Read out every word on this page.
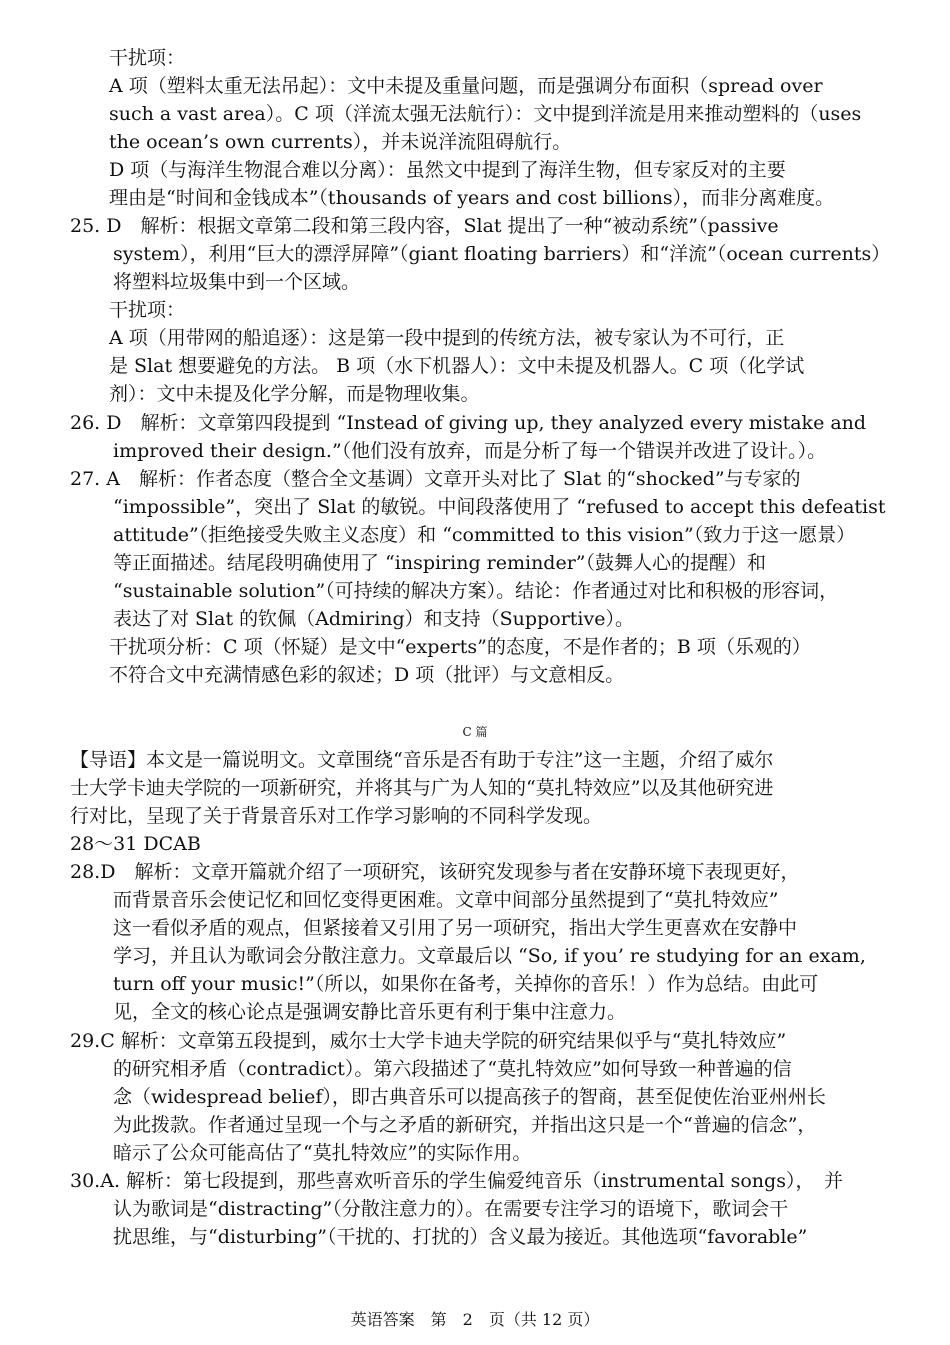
干扰项：
A 项（塑料太重无法吊起）：文中未提及重量问题，而是强调分布面积（spread over
such a vast area）。C 项（洋流太强无法航行）：文中提到洋流是用来推动塑料的（uses
the ocean’s own currents），并未说洋流阻碍航行。
D 项（与海洋生物混合难以分离）：虽然文中提到了海洋生物，但专家反对的主要
理由是“时间和金钱成本”（thousands of years and cost billions），而非分离难度。
25. D　解析：根据文章第二段和第三段内容，Slat 提出了一种“被动系统”（passive
system），利用“巨大的漂浮屏障”（giant floating barriers）和“洋流”（ocean currents）
将塑料垃圾集中到一个区域。
干扰项：
A 项（用带网的船追逐）：这是第一段中提到的传统方法，被专家认为不可行，正
是 Slat 想要避免的方法。 B 项（水下机器人）：文中未提及机器人。C 项（化学试
剂）：文中未提及化学分解，而是物理收集。
26. D　解析：文章第四段提到 “Instead of giving up, they analyzed every mistake and
improved their design.”（他们没有放弃，而是分析了每一个错误并改进了设计。）。
27. A　解析：作者态度（整合全文基调）文章开头对比了 Slat 的“shocked”与专家的
“impossible”，突出了 Slat 的敏锐。中间段落使用了 “refused to accept this defeatist
attitude”（拒绝接受失败主义态度）和 “committed to this vision”（致力于这一愿景）
等正面描述。结尾段明确使用了 “inspiring reminder”（鼓舞人心的提醒）和
“sustainable solution”（可持续的解决方案）。结论：作者通过对比和积极的形容词，
表达了对 Slat 的钦佩（Admiring）和支持（Supportive）。
干扰项分析：C 项（怀疑）是文中“experts”的态度，不是作者的；B 项（乐观的）
不符合文中充满情感色彩的叙述；D 项（批评）与文意相反。
C 篇
【导语】本文是一篇说明文。文章围绕“音乐是否有助于专注”这一主题，介绍了威尔
士大学卡迪夫学院的一项新研究，并将其与广为人知的“莫扎特效应”以及其他研究进
行对比，呈现了关于背景音乐对工作学习影响的不同科学发现。
28～31 DCAB
28.D　解析：文章开篇就介绍了一项研究，该研究发现参与者在安静环境下表现更好，
而背景音乐会使记忆和回忆变得更困难。文章中间部分虽然提到了“莫扎特效应”
这一看似矛盾的观点，但紧接着又引用了另一项研究，指出大学生更喜欢在安静中
学习，并且认为歌词会分散注意力。文章最后以 “So, if you’ re studying for an exam,
turn off your music!”（所以，如果你在备考，关掉你的音乐！）作为总结。由此可
见，全文的核心论点是强调安静比音乐更有利于集中注意力。
29.C 解析：文章第五段提到，威尔士大学卡迪夫学院的研究结果似乎与“莫扎特效应”
的研究相矛盾（contradict）。第六段描述了“莫扎特效应”如何导致一种普遍的信
念（widespread belief），即古典音乐可以提高孩子的智商，甚至促使佐治亚州州长
为此拨款。作者通过呈现一个与之矛盾的新研究，并指出这只是一个“普遍的信念”，
暗示了公众可能高估了“莫扎特效应”的实际作用。
30.A. 解析：第七段提到，那些喜欢听音乐的学生偏爱纯音乐（instrumental songs），　并
认为歌词是“distracting”（分散注意力的）。在需要专注学习的语境下，歌词会干
扰思维，与“disturbing”（干扰的、打扰的）含义最为接近。其他选项“favorable”
英语答案　第　2　页（共 12 页）
